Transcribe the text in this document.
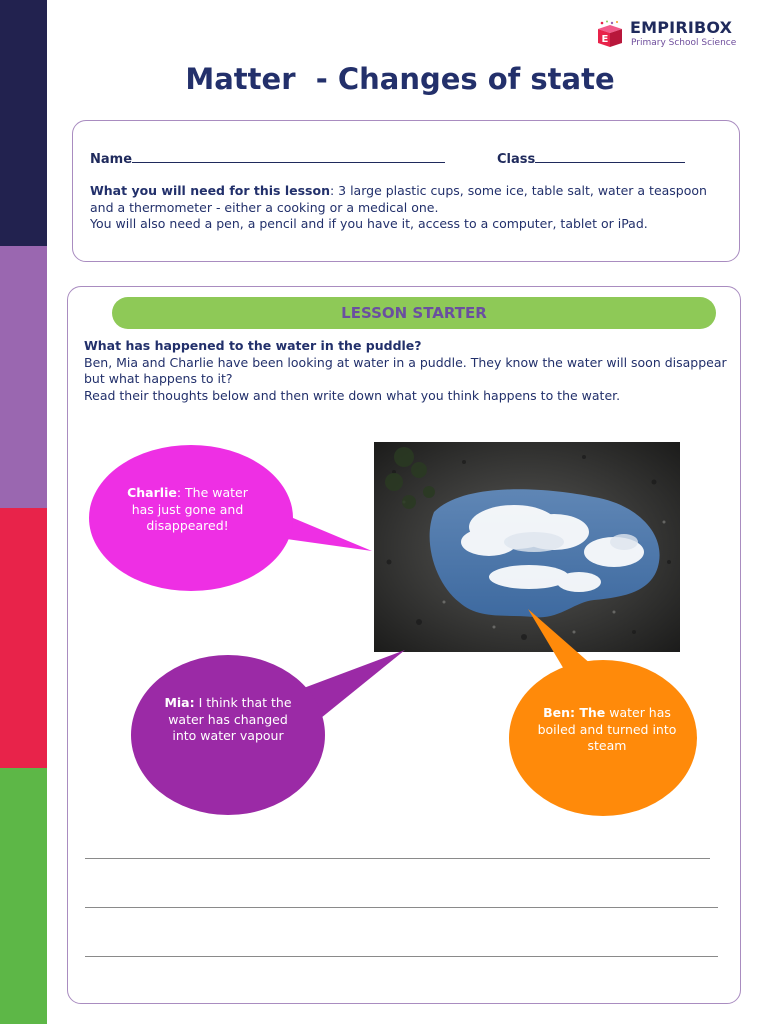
E
EMPIRIBOX
Primary School Science
Matter  - Changes of state
Name	Class
What you will need for this lesson: 3 large plastic cups, some ice, table salt, water a teaspoon and a thermometer - either a cooking or a medical one.
You will also need a pen, a pencil and if you have it, access to a computer, tablet or iPad.
LESSON STARTER
What has happened to the water in the puddle?
Ben, Mia and Charlie have been looking at water in a puddle. They know the water will soon disappear but what happens to it?
Read their thoughts below and then write down what you think happens to the water.
Charlie: The water has just gone and disappeared!
Mia: I think that the water has changed into water vapour
Ben: The water has boiled and turned into steam
